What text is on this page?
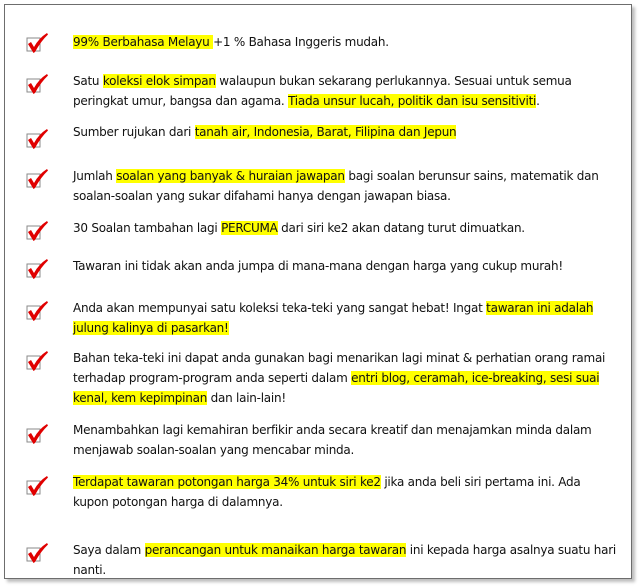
99% Berbahasa Melayu +1 % Bahasa Inggeris mudah.
Satu koleksi elok simpan walaupun bukan sekarang perlukannya. Sesuai untuk semua peringkat umur, bangsa dan agama. Tiada unsur lucah, politik dan isu sensitiviti.
Sumber rujukan dari tanah air, Indonesia, Barat, Filipina dan Jepun
Jumlah soalan yang banyak & huraian jawapan bagi soalan berunsur sains, matematik dan soalan-soalan yang sukar difahami hanya dengan jawapan biasa.
30 Soalan tambahan lagi PERCUMA dari siri ke2 akan datang turut dimuatkan.
Tawaran ini tidak akan anda jumpa di mana-mana dengan harga yang cukup murah!
Anda akan mempunyai satu koleksi teka-teki yang sangat hebat! Ingat tawaran ini adalah julung kalinya di pasarkan!
Bahan teka-teki ini dapat anda gunakan bagi menarikan lagi minat & perhatian orang ramai terhadap program-program anda seperti dalam entri blog, ceramah, ice-breaking, sesi suai kenal, kem kepimpinan dan lain-lain!
Menambahkan lagi kemahiran berfikir anda secara kreatif dan menajamkan minda dalam menjawab soalan-soalan yang mencabar minda.
Terdapat tawaran potongan harga 34% untuk siri ke2 jika anda beli siri pertama ini. Ada kupon potongan harga di dalamnya.
Saya dalam perancangan untuk manaikan harga tawaran ini kepada harga asalnya suatu hari nanti.
